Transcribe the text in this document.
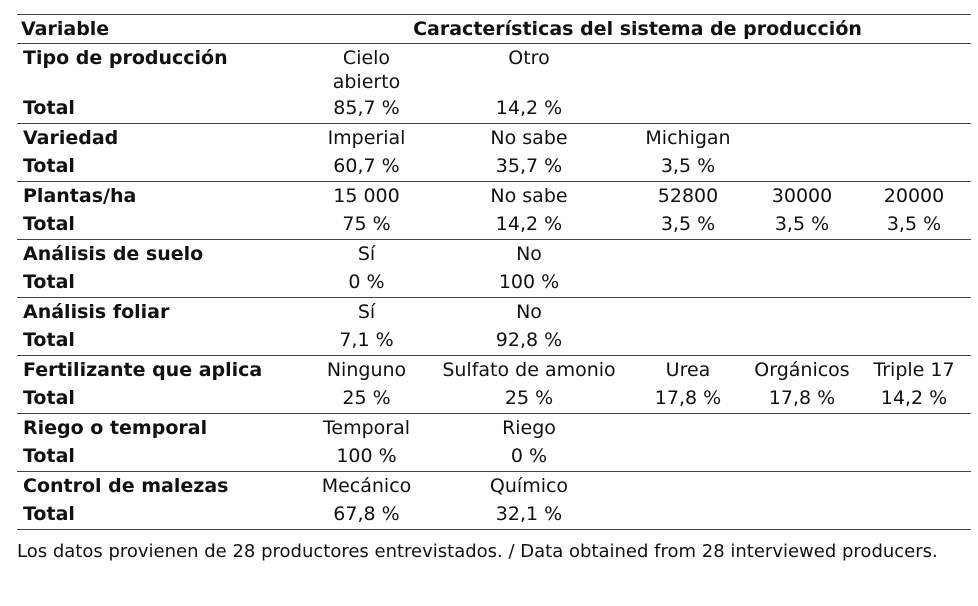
Variable	Características del sistema de producción				
Tipo de producción	Cielo abierto	Otro			
Total	85,7 %	14,2 %			
Variedad	Imperial	No sabe	Michigan		
Total	60,7 %	35,7 %	3,5 %		
Plantas/ha	15 000	No sabe	52800	30000	20000
Total	75 %	14,2 %	3,5 %	3,5 %	3,5 %
Análisis de suelo	Sí	No			
Total	0 %	100 %			
Análisis foliar	Sí	No			
Total	7,1 %	92,8 %			
Fertilizante que aplica	Ninguno	Sulfato de amonio	Urea	Orgánicos	Triple 17
Total	25 %	25 %	17,8 %	17,8 %	14,2 %
Riego o temporal	Temporal	Riego			
Total	100 %	0 %			
Control de malezas	Mecánico	Químico			
Total	67,8 %	32,1 %			
Los datos provienen de 28 productores entrevistados. / Data obtained from 28 interviewed producers.
